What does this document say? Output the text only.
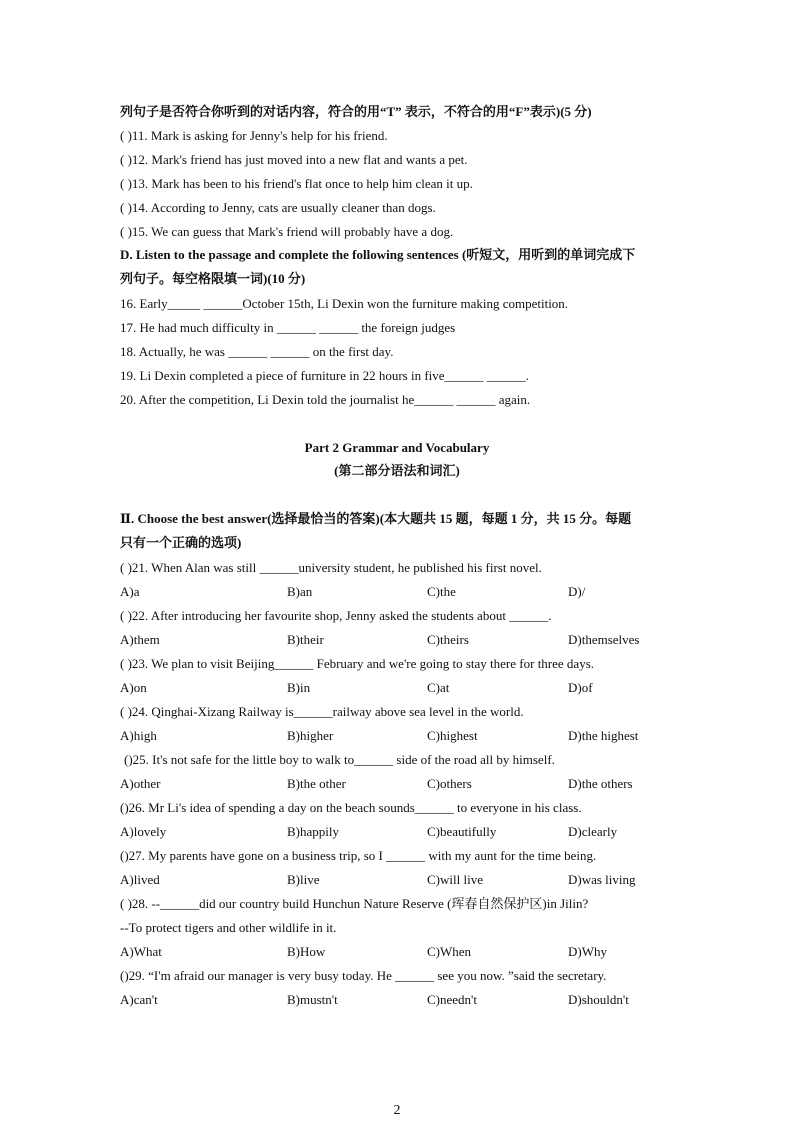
列句子是否符合你听到的对话内容，符合的用“T” 表示，不符合的用“F”表示)(5 分)
( )11. Mark is asking for Jenny's help for his friend.
( )12. Mark's friend has just moved into a new flat and wants a pet.
( )13. Mark has been to his friend's flat once to help him clean it up.
( )14. According to Jenny, cats are usually cleaner than dogs.
( )15. We can guess that Mark's friend will probably have a dog.
D. Listen to the passage and complete the following sentences (听短文，用听到的单词完成下
列句子。每空格限填一词)(10 分)
16. Early_____ ______October 15th, Li Dexin won the furniture making competition.
17. He had much difficulty in ______ ______ the foreign judges
18. Actually, he was ______ ______ on the first day.
19. Li Dexin completed a piece of furniture in 22 hours in five______ ______.
20. After the competition, Li Dexin told the journalist he______ ______ again.
Part 2 Grammar and Vocabulary
(第二部分语法和词汇)
Ⅱ. Choose the best answer(选择最恰当的答案)(本大题共 15 题，每题 1 分，共 15 分。每题
只有一个正确的选项)
( )21. When Alan was still ______university student, he published his first novel.
A)a	B)an	C)the	D)/
( )22. After introducing her favourite shop, Jenny asked the students about ______.
A)them	B)their	C)theirs	D)themselves
( )23. We plan to visit Beijing______ February and we're going to stay there for three days.
A)on	B)in	C)at	D)of
( )24. Qinghai-Xizang Railway is______railway above sea level in the world.
A)high	B)higher	C)highest	D)the highest
()25. It's not safe for the little boy to walk to______ side of the road all by himself.
A)other	B)the other	C)others	D)the others
()26. Mr Li's idea of spending a day on the beach sounds______ to everyone in his class.
A)lovely	B)happily	C)beautifully	D)clearly
()27. My parents have gone on a business trip, so I ______ with my aunt for the time being.
A)lived	B)live	C)will live	D)was living
( )28. --______did our country build Hunchun Nature Reserve (珲春自然保护区)in Jilin?
--To protect tigers and other wildlife in it.
A)What	B)How	C)When	D)Why
()29. “I'm afraid our manager is very busy today. He ______ see you now. ”said the secretary.
A)can't	B)mustn't	C)needn't	D)shouldn't
2
